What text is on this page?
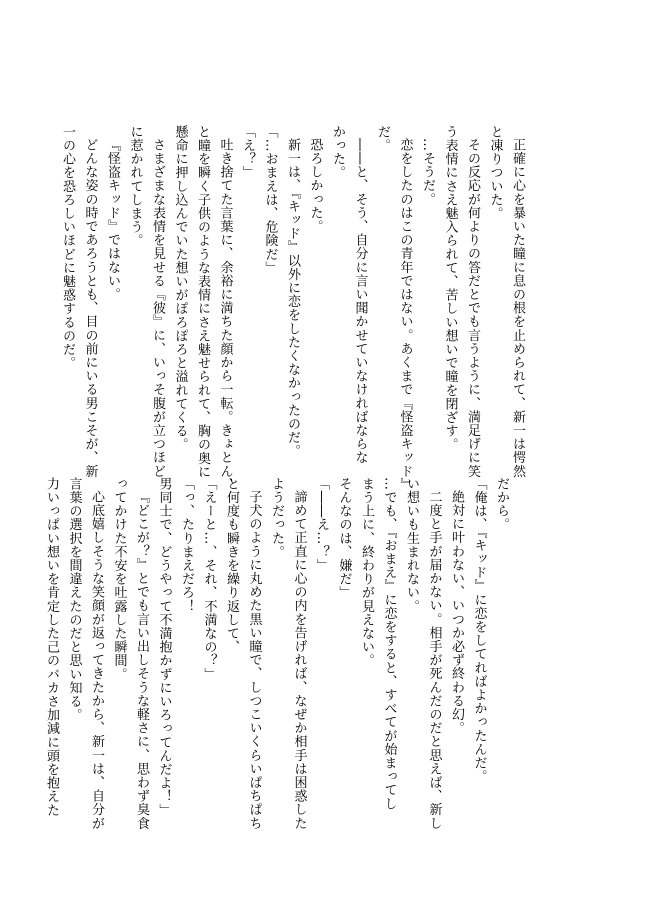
正確に心を暴いた瞳に息の根を止められて、新一は愕然
と凍りついた。
その反応が何よりの答だとでも言うように、満足げに笑
う表情にさえ魅入られて、苦しい想いで瞳を閉ざす。
…そうだ。
恋をしたのはこの青年ではない。あくまで『怪盗キッド』
だ。
――と、そう、自分に言い聞かせていなければならな
かった。
恐ろしかった。
新一は、『キッド』以外に恋をしたくなかったのだ。
「…おまえは、危険だ」
「え？」
吐き捨てた言葉に、余裕に満ちた顔から一転。きょとん、
と瞳を瞬く子供のような表情にさえ魅せられて、胸の奥に
懸命に押し込んでいた想いがぽろぽろと溢れてくる。
さまざまな表情を見せる『彼』に、いっそ腹が立つほど
に惹かれてしまう。
『怪盗キッド』ではない。
どんな姿の時であろうとも、目の前にいる男こそが、新
一の心を恐ろしいほどに魅惑するのだ。
だから。
「俺は、『キッド』に恋をしてればよかったんだ。
絶対に叶わない、いつか必ず終わる幻。
二度と手が届かない。相手が死んだのだと思えば、新し
い想いも生まれない。
…でも、『おまえ』に恋をすると、すべてが始まってし
まう上に、終わりが見えない。
そんなのは、嫌だ」
「――え…？」
諦めて正直に心の内を告げれば、なぜか相手は困惑した
ようだった。
子犬のように丸めた黒い瞳で、しつこいくらいぱちぱち
と何度も瞬きを繰り返して、
「えーと…、それ、不満なの？」
「っ、たりまえだろ！
男同士で、どうやって不満抱かずにいろってんだよ！」
『どこが？』とでも言い出しそうな軽さに、思わず臭食
ってかけた不安を吐露した瞬間。
心底嬉しそうな笑顔が返ってきたから、新一は、自分が
言葉の選択を間違えたのだと思い知る。
力いっぱい想いを肯定した己のバカさ加減に頭を抱えた
